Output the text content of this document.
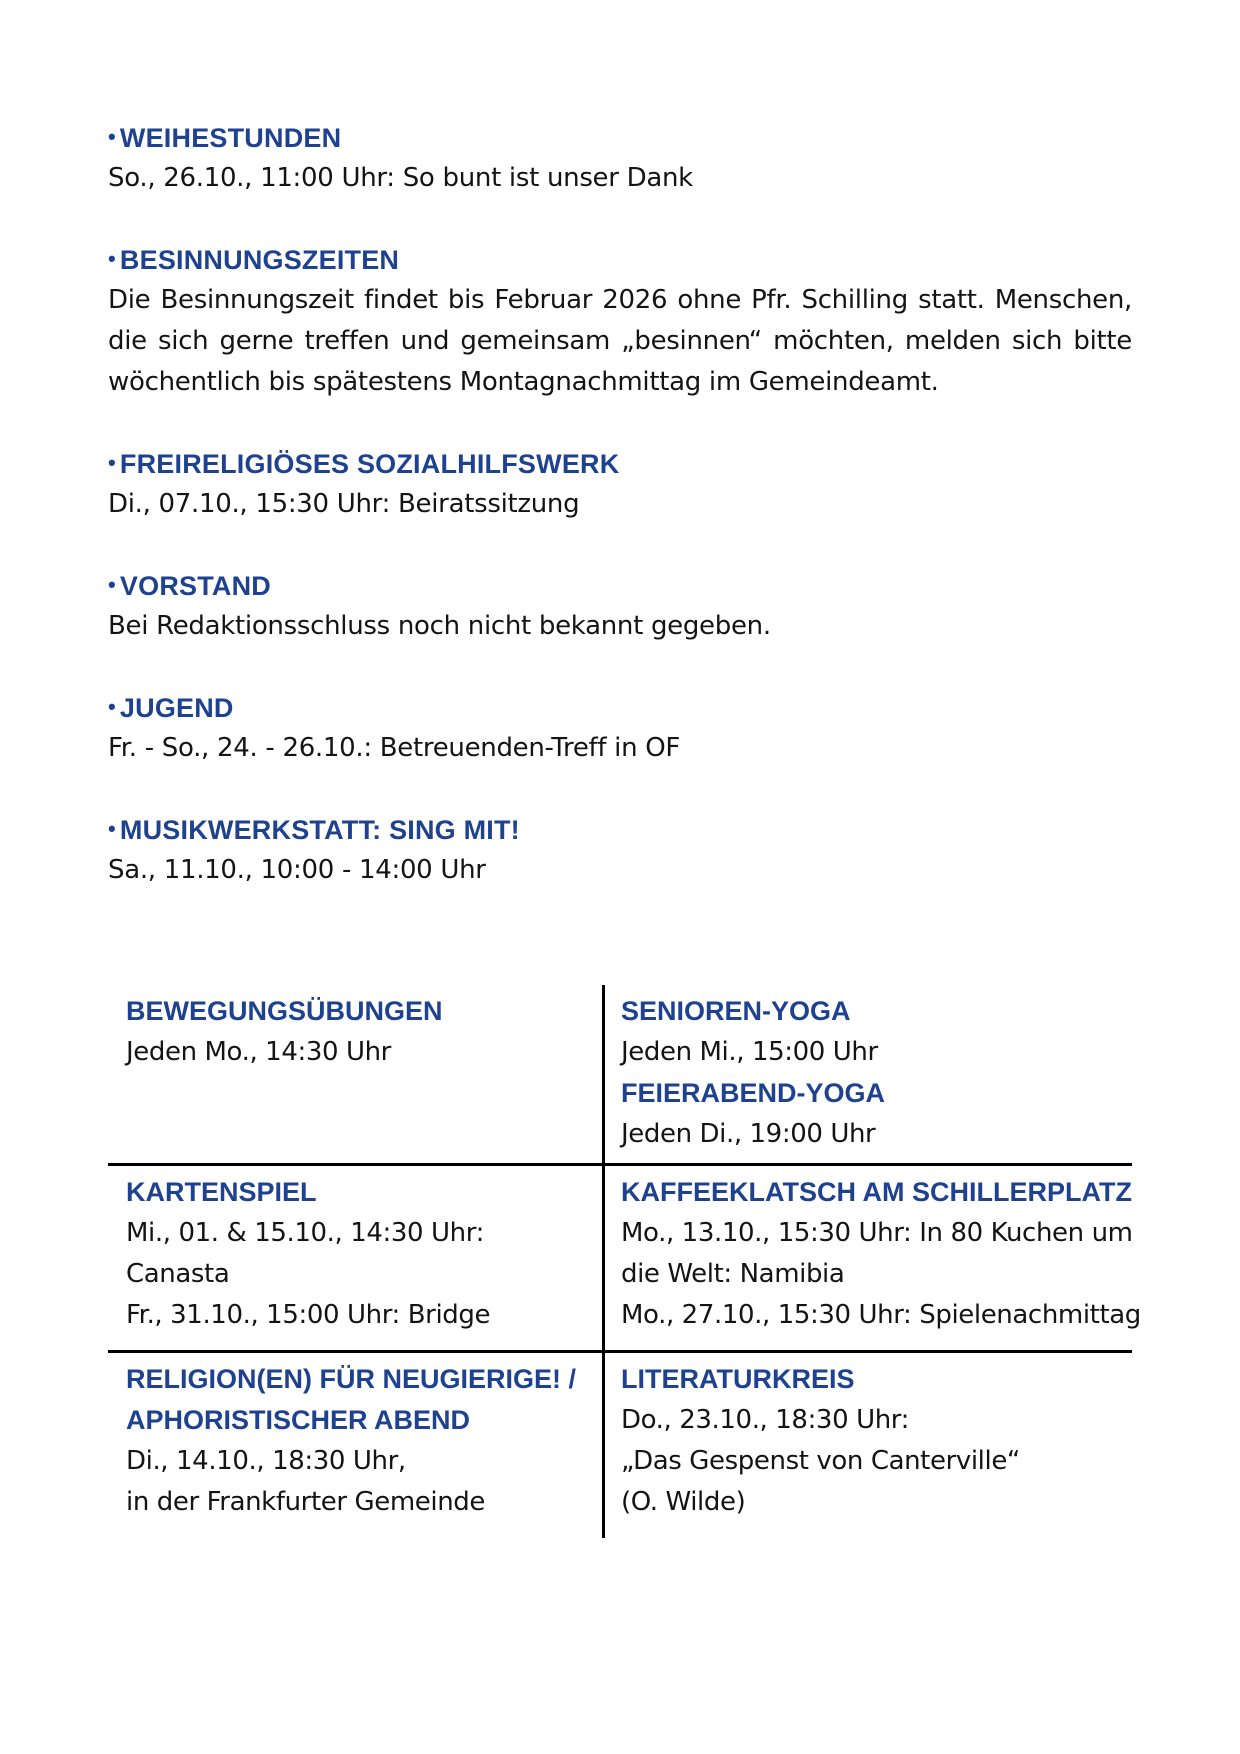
• WEIHESTUNDEN
So., 26.10., 11:00 Uhr: So bunt ist unser Dank
• BESINNUNGSZEITEN
Die Besinnungszeit findet bis Februar 2026 ohne Pfr. Schilling statt. Menschen, die sich gerne treffen und gemeinsam „besinnen“ möchten, melden sich bitte wöchentlich bis spätestens Montagnachmittag im Gemeindeamt.
• FREIRELIGIÖSES SOZIALHILFSWERK
Di., 07.10., 15:30 Uhr: Beiratssitzung
• VORSTAND
Bei Redaktionsschluss noch nicht bekannt gegeben.
• JUGEND
Fr. - So., 24. - 26.10.: Betreuenden-Treff in OF
• MUSIKWERKSTATT: SING MIT!
Sa., 11.10., 10:00 - 14:00 Uhr
BEWEGUNGSÜBUNGEN
Jeden Mo., 14:30 Uhr
SENIOREN-YOGA
Jeden Mi., 15:00 Uhr
FEIERABEND-YOGA
Jeden Di., 19:00 Uhr
KARTENSPIEL
Mi., 01. & 15.10., 14:30 Uhr:
Canasta
Fr., 31.10., 15:00 Uhr: Bridge
KAFFEEKLATSCH AM SCHILLERPLATZ
Mo., 13.10., 15:30 Uhr: In 80 Kuchen um
die Welt: Namibia
Mo., 27.10., 15:30 Uhr: Spielenachmittag
RELIGION(EN) FÜR NEUGIERIGE! /
APHORISTISCHER ABEND
Di., 14.10., 18:30 Uhr,
in der Frankfurter Gemeinde
LITERATURKREIS
Do., 23.10., 18:30 Uhr:
„Das Gespenst von Canterville“
(O. Wilde)
